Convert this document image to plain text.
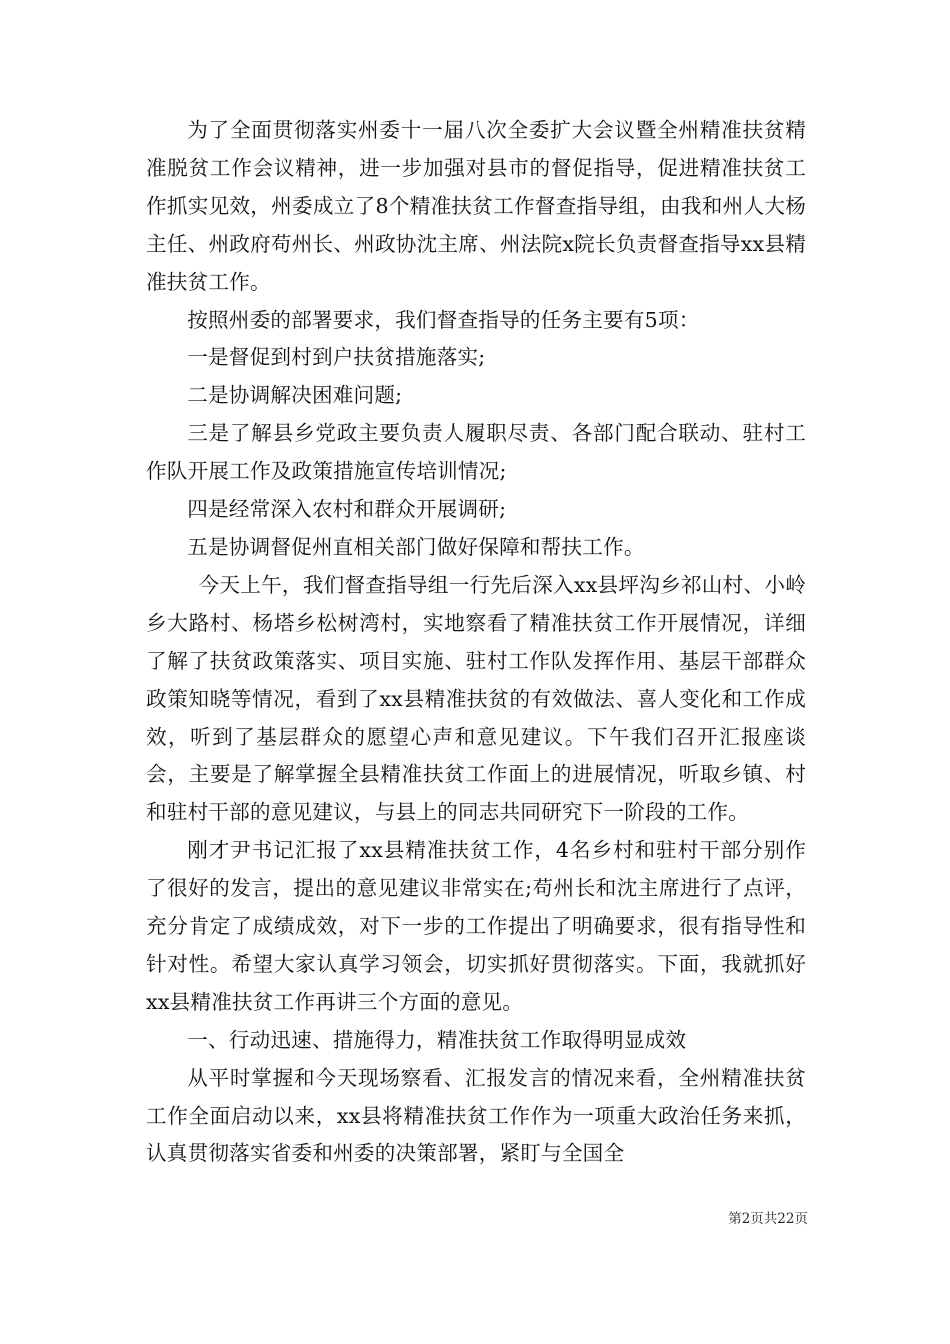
为了全面贯彻落实州委十一届八次全委扩大会议暨全州精准扶贫精准脱贫工作会议精神，进一步加强对县市的督促指导，促进精准扶贫工作抓实见效，州委成立了8个精准扶贫工作督查指导组，由我和州人大杨主任、州政府苟州长、州政协沈主席、州法院x院长负责督查指导xx县精准扶贫工作。

按照州委的部署要求，我们督查指导的任务主要有5项：

一是督促到村到户扶贫措施落实;

二是协调解决困难问题;

三是了解县乡党政主要负责人履职尽责、各部门配合联动、驻村工作队开展工作及政策措施宣传培训情况;

四是经常深入农村和群众开展调研;

五是协调督促州直相关部门做好保障和帮扶工作。

今天上午，我们督查指导组一行先后深入xx县坪沟乡祁山村、小岭乡大路村、杨塔乡松树湾村，实地察看了精准扶贫工作开展情况，详细了解了扶贫政策落实、项目实施、驻村工作队发挥作用、基层干部群众政策知晓等情况，看到了xx县精准扶贫的有效做法、喜人变化和工作成效，听到了基层群众的愿望心声和意见建议。下午我们召开汇报座谈会，主要是了解掌握全县精准扶贫工作面上的进展情况，听取乡镇、村和驻村干部的意见建议，与县上的同志共同研究下一阶段的工作。

刚才尹书记汇报了xx县精准扶贫工作，4名乡村和驻村干部分别作了很好的发言，提出的意见建议非常实在;苟州长和沈主席进行了点评，充分肯定了成绩成效，对下一步的工作提出了明确要求，很有指导性和针对性。希望大家认真学习领会，切实抓好贯彻落实。下面，我就抓好xx县精准扶贫工作再讲三个方面的意见。

一、行动迅速、措施得力，精准扶贫工作取得明显成效

从平时掌握和今天现场察看、汇报发言的情况来看，全州精准扶贫工作全面启动以来，xx县将精准扶贫工作作为一项重大政治任务来抓，认真贯彻落实省委和州委的决策部署，紧盯与全国全

第2页共22页
